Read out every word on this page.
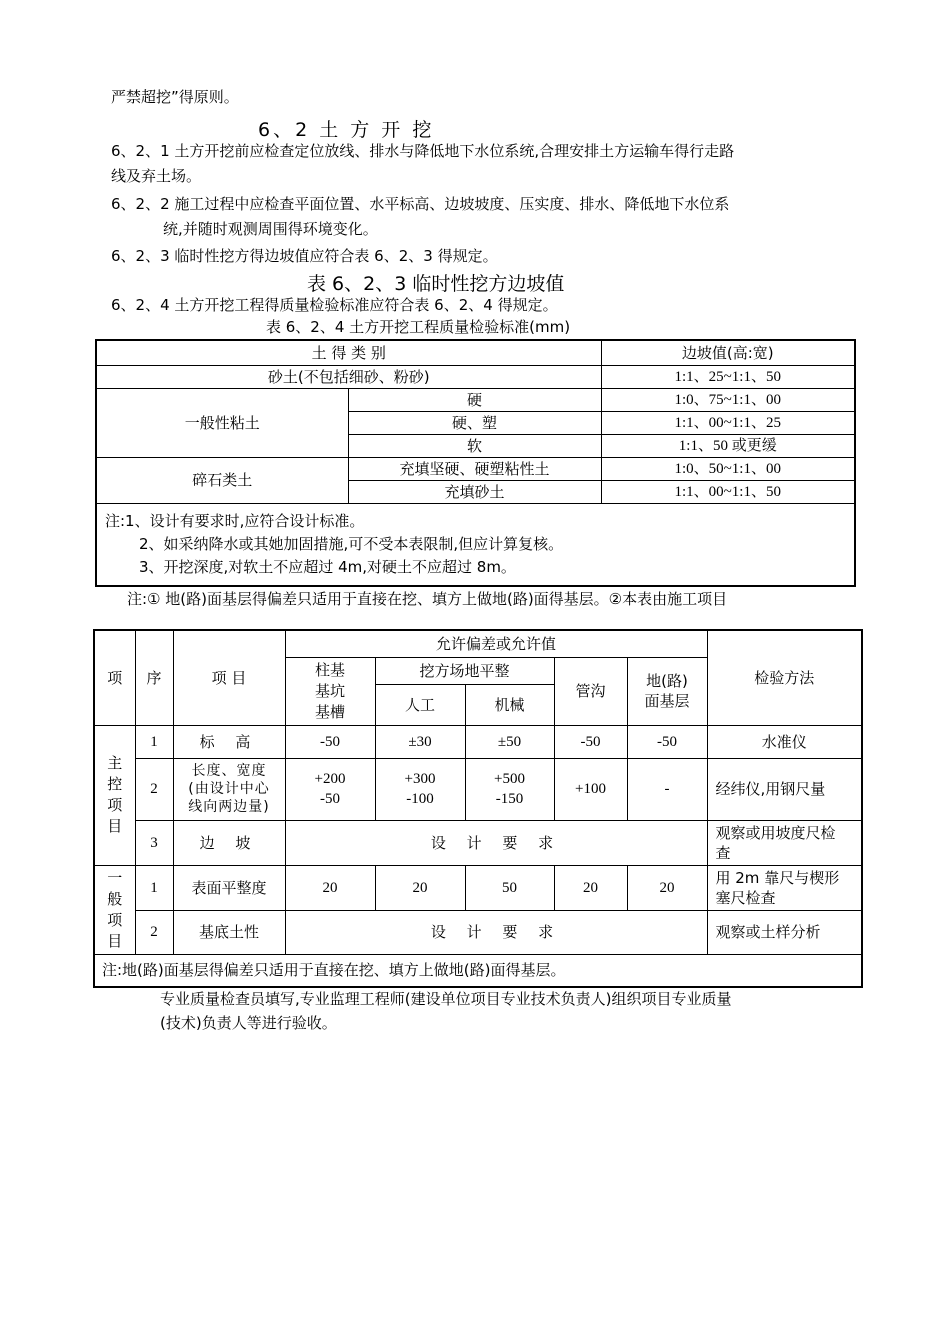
严禁超挖”得原则。
6、2 土 方 开 挖
6、2、1 土方开挖前应检查定位放线、排水与降低地下水位系统,合理安排土方运输车得行走路
线及弃土场。
6、2、2 施工过程中应检查平面位置、水平标高、边坡坡度、压实度、排水、降低地下水位系
统,并随时观测周围得环境变化。
6、2、3 临时性挖方得边坡值应符合表 6、2、3 得规定。
表 6、2、3 临时性挖方边坡值
6、2、4 土方开挖工程得质量检验标准应符合表 6、2、4 得规定。
表 6、2、4 土方开挖工程质量检验标准(mm)
土 得 类 别		边坡值(高:宽)
砂土(不包括细砂、粉砂)		1:1、25~1:1、50
一般性粘土	硬	1:0、75~1:1、00
	硬、塑	1:1、00~1:1、25
	软	1:1、50 或更缓
碎石类土	充填坚硬、硬塑粘性土	1:0、50~1:1、00
	充填砂土	1:1、00~1:1、50

注:1、设计有要求时,应符合设计标准。
2、如采纳降水或其她加固措施,可不受本表限制,但应计算复核。
3、开挖深度,对软土不应超过 4m,对硬土不应超过 8m。		
注:① 地(路)面基层得偏差只适用于直接在挖、填方上做地(路)面得基层。②本表由施工项目
项	序	项 目	允许偏差或允许值					检验方法
			柱基
基坑
基槽	挖方场地平整		管沟	地(路)
面基层	
				人工	机械			
主
控
项
目	1	标 高	-50	±30	±50	-50	-50	水准仪
	2	长度、宽度
(由设计中心
线向两边量)	+200
-50	+300
-100	+500
-150	+100	-	经纬仪,用钢尺量
	3	边 坡	设 计 要 求					观察或用坡度尺检
查
一
般
项
目	1	表面平整度	20	20	50	20	20	用 2m 靠尺与楔形
塞尺检查
	2	基底土性	设 计 要 求					观察或土样分析
注:地(路)面基层得偏差只适用于直接在挖、填方上做地(路)面得基层。								
专业质量检查员填写,专业监理工程师(建设单位项目专业技术负责人)组织项目专业质量
(技术)负责人等进行验收。
